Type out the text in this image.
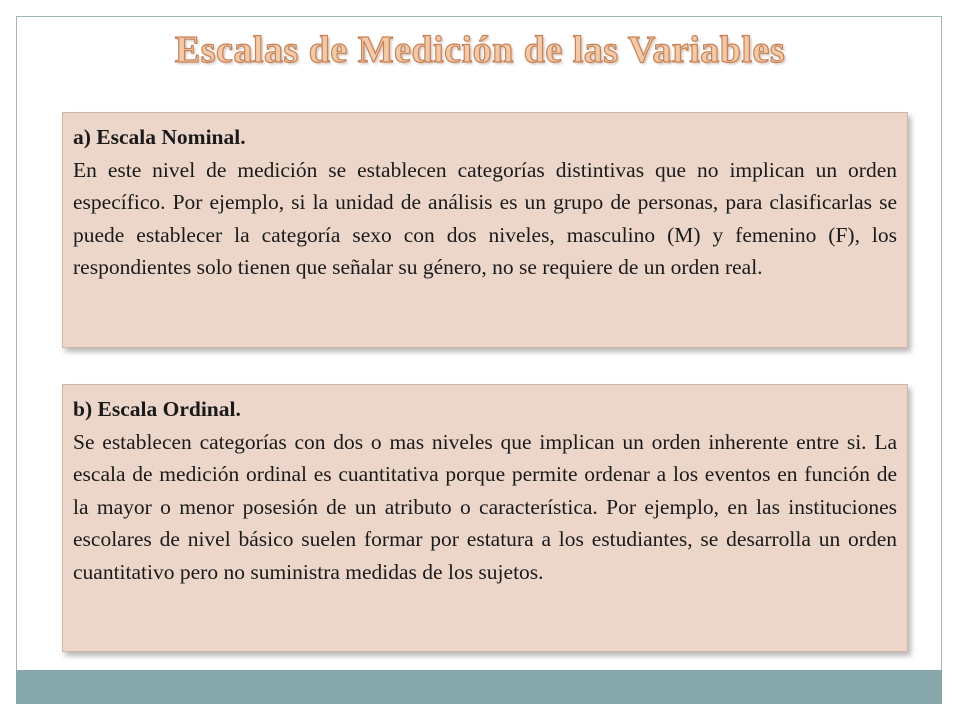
Escalas de Medición de las Variables
a) Escala Nominal.
En este nivel de medición se establecen categorías distintivas que no implican un orden específico. Por ejemplo, si la unidad de análisis es un grupo de personas, para clasificarlas se puede establecer la categoría sexo con dos niveles, masculino (M) y femenino (F), los respondientes solo tienen que señalar su género, no se requiere de un orden real.
b) Escala Ordinal.
Se establecen categorías con dos o mas niveles que implican un orden inherente entre si. La escala de medición ordinal es cuantitativa porque permite ordenar a los eventos en función de la mayor o menor posesión de un atributo o característica. Por ejemplo, en las instituciones escolares de nivel básico suelen formar por estatura a los estudiantes, se desarrolla un orden cuantitativo pero no suministra medidas de los sujetos.
